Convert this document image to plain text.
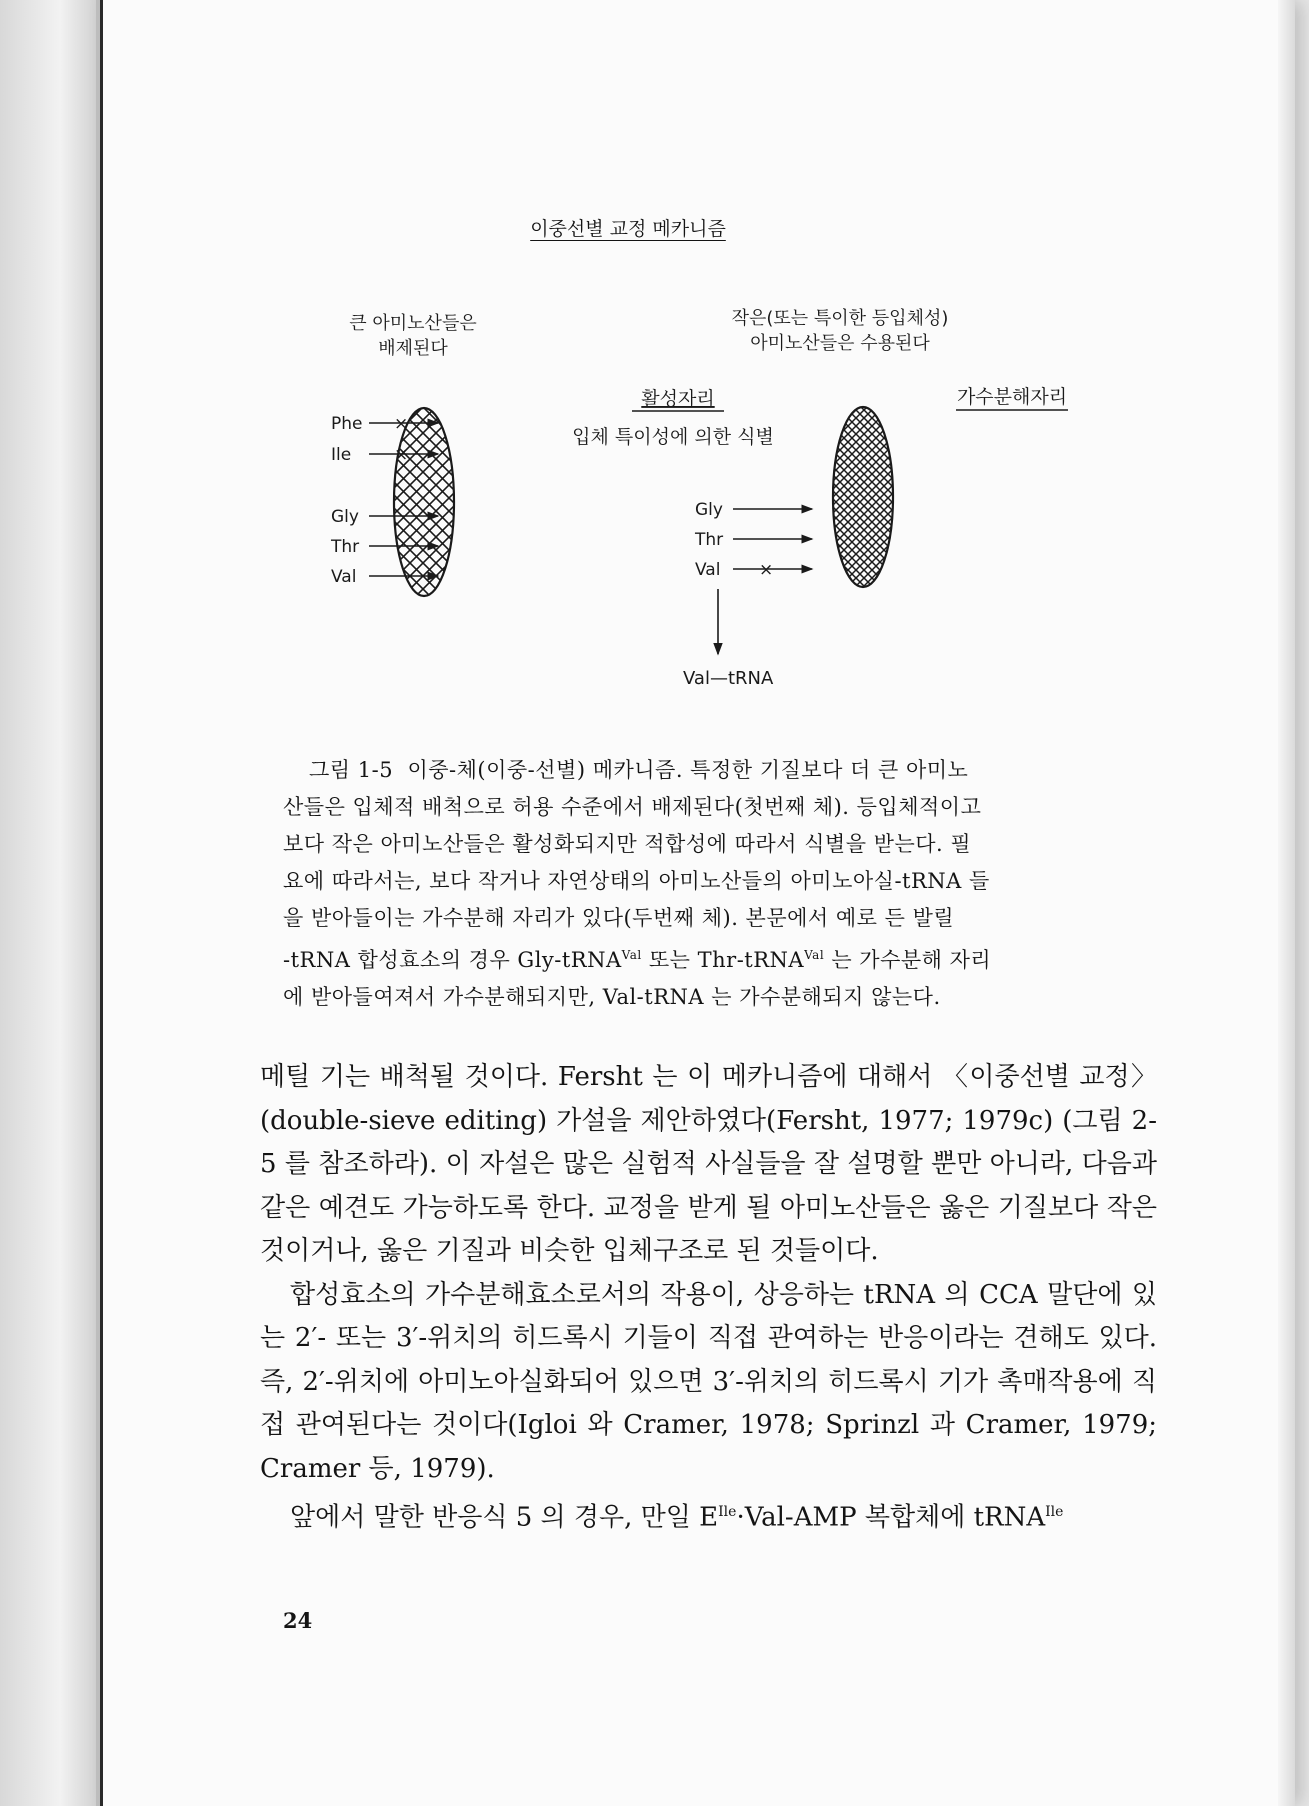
이중선별 교정 메카니즘
큰 아미노산들은
배제된다
작은(또는 특이한 등입체성)
아미노산들은 수용된다
활성자리
입체 특이성에 의한 식별
가수분해자리
Phe
Ile
Gly
Thr
Val
×
×
Gly
Thr
Val ×
Val—tRNA
그림 1-5 이중-체(이중-선별) 메카니즘. 특정한 기질보다 더 큰 아미노
산들은 입체적 배척으로 허용 수준에서 배제된다(첫번째 체). 등입체적이고
보다 작은 아미노산들은 활성화되지만 적합성에 따라서 식별을 받는다. 필
요에 따라서는, 보다 작거나 자연상태의 아미노산들의 아미노아실-tRNA 들
을 받아들이는 가수분해 자리가 있다(두번째 체). 본문에서 예로 든 발릴
-tRNA 합성효소의 경우 Gly-tRNA$^{Val}$ 또는 Thr-tRNA$^{Val}$ 는 가수분해 자리
에 받아들여져서 가수분해되지만, Val-tRNA 는 가수분해되지 않는다.

메틸 기는 배척될 것이다. Fersht 는 이 메카니즘에 대해서 〈이중선별 교정〉(double-sieve editing) 가설을 제안하였다(Fersht, 1977; 1979c) (그림 2-5 를 참조하라). 이 자설은 많은 실험적 사실들을 잘 설명할 뿐만 아니라, 다음과 같은 예견도 가능하도록 한다. 교정을 받게 될 아미노산들은 옳은 기질보다 작은 것이거나, 옳은 기질과 비슷한 입체구조로 된 것들이다.

합성효소의 가수분해효소로서의 작용이, 상응하는 tRNA 의 CCA 말단에 있는 2′- 또는 3′-위치의 히드록시 기들이 직접 관여하는 반응이라는 견해도 있다. 즉, 2′-위치에 아미노아실화되어 있으면 3′-위치의 히드록시 기가 촉매작용에 직접 관여된다는 것이다(Igloi 와 Cramer, 1978; Sprinzl 과 Cramer, 1979; Cramer 등, 1979).

앞에서 말한 반응식 5 의 경우, 만일 $E^{Ile}\cdot Val$-AMP 복합체에 tRNA$^{Ile}$

24
